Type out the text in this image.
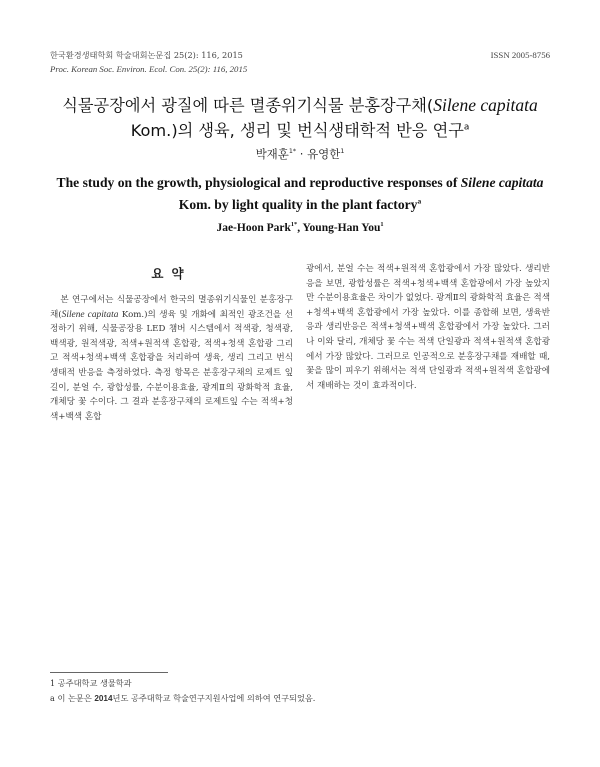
한국환경생태학회 학술대회논문집 25(2): 116, 2015
Proc. Korean Soc. Environ. Ecol. Con. 25(2): 116, 2015
ISSN 2005-8756
식물공장에서 광질에 따른 멸종위기식물 분홍장구채(Silene capitata
Kom.)의 생육, 생리 및 번식생태학적 반응 연구$^a$
박재훈$^{1*}$ · 유영한$^1$
The study on the growth, physiological and reproductive responses of Silene capitata Kom. by light quality in the plant factory$^a$
Jae-Hoon Park$^{1*}$, Young-Han You$^1$
요약

본 연구에서는 식물공장에서 한국의 멸종위기식물인 분홍장구채(Silene capitata Kom.)의 생육 및 개화에 최적인 광조건을 선정하기 위해, 식물공장용 LED 챔버 시스템에서 적색광, 청색광, 백색광, 원적색광, 적색+원적색 혼합광, 적색+청색 혼합광 그리고 적색+청색+백색 혼합광을 처리하여 생육, 생리 그리고 번식생태적 반응을 측정하였다. 측정 항목은 분홍장구채의 로제트 잎 길이, 분얼 수, 광합성률, 수분이용효율, 광계Ⅱ의 광화학적 효율, 개체당 꽃 수이다. 그 결과 분홍장구채의 로제트잎 수는 적색+청색+백색 혼합

광에서, 분얼 수는 적색+원적색 혼합광에서 가장 많았다. 생리반응을 보면, 광합성률은 적색+청색+백색 혼합광에서 가장 높았지만 수분이용효율은 차이가 없었다. 광계Ⅱ의 광화학적 효율은 적색+청색+백색 혼합광에서 가장 높았다. 이를 종합해 보면, 생육반응과 생리반응은 적색+청색+백색 혼합광에서 가장 높았다. 그러나 이와 달리, 개체당 꽃 수는 적색 단일광과 적색+원적색 혼합광에서 가장 많았다. 그러므로 인공적으로 분홍장구채를 재배할 때, 꽃을 많이 피우기 위해서는 적색 단일광과 적색+원적색 혼합광에서 재배하는 것이 효과적이다.

1 공주대학교 생물학과
a 이 논문은 2014년도 공주대학교 학술연구지원사업에 의하여 연구되었음.
